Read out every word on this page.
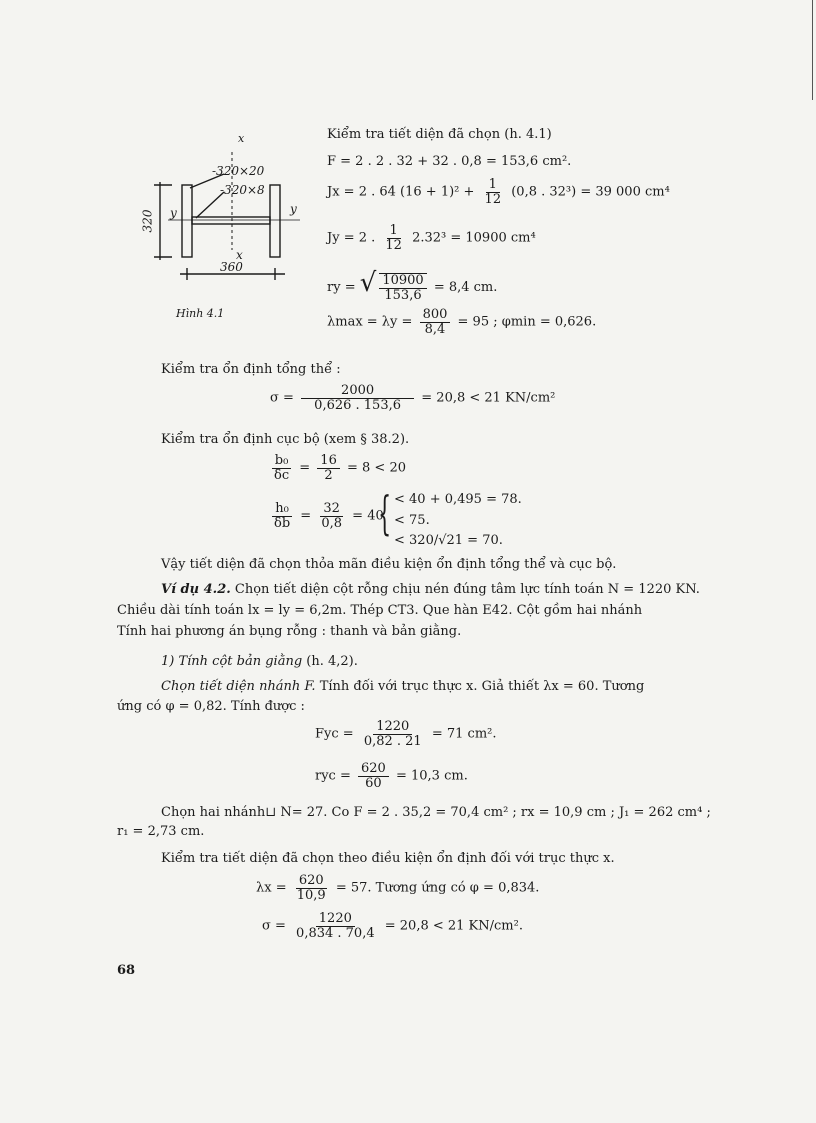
x
-320×20
-320×8
320 y	y
x
360
Hình 4.1
Kiểm tra tiết diện đã chọn (h. 4.1)
F = 2 . 2 . 32 + 32 . 0,8 = 153,6 cm².
Jx = 2 . 64 $(16 + 1)^2 + \frac{1}{12} (0,8$ . 32³) = 39 000 cm⁴
Jy = 2 . $\frac{1}{12} 2.32^3 = 10900$ cm⁴
ry = √ $\frac{10900}{153,6} = 8,4$ cm.
$\lambda\max = \lambda y = \frac{800}{8,4} = 95$ ; φmin = 0,626.
Kiểm tra ổn định tổng thể :
$\sigma = \frac{2000}{0,626 . 153,6} = 20,8 < 21$ KN/cm²
Kiểm tra ổn định cục bộ (xem § 38.2).
$\frac{\text{b₀}}{\delta c} = \frac{16}{2} = 8 < 20$
$\frac{\text{h₀}}{\delta b} = \frac{32}{0,8} = 40$
{ < 40 + 0,495 = 78.
< 75.
< 320/√21 = 70.
Vậy tiết diện đã chọn thỏa mãn điều kiện ổn định tổng thể và cục bộ.
Ví dụ 4.2. Chọn tiết diện cột rỗng chịu nén đúng tâm lực tính toán N = 1220 KN.
Chiều dài tính toán lx = ly = 6,2m. Thép CT3. Que hàn E42. Cột gồm hai nhánh
Tính hai phương án bụng rỗng : thanh và bản giằng.
1) Tính cột bản giằng (h. 4,2).
Chọn tiết diện nhánh F. Tính đối với trục thực x. Giả thiết λx = 60. Tương
ứng có φ = 0,82. Tính được :
Fyc = $\frac{1220}{0,82 . 21} = 71$ cm².
ryc = $\frac{620}{60} = 10,3$ cm.
Chọn hai nhánh⊔ N= 27. Co F = 2 . 35,2 = 70,4 cm² ; rx = 10,9 cm ; J₁ = 262 cm⁴ ;
r₁ = 2,73 cm.
Kiểm tra tiết diện đã chọn theo điều kiện ổn định đối với trục thực x.
$\lambda x = \frac{620}{10,9} = 57$. Tương ứng có φ = 0,834.
$\sigma = \frac{1220}{0,834 . 70,4} = 20,8 < 21$ KN/cm².
68
